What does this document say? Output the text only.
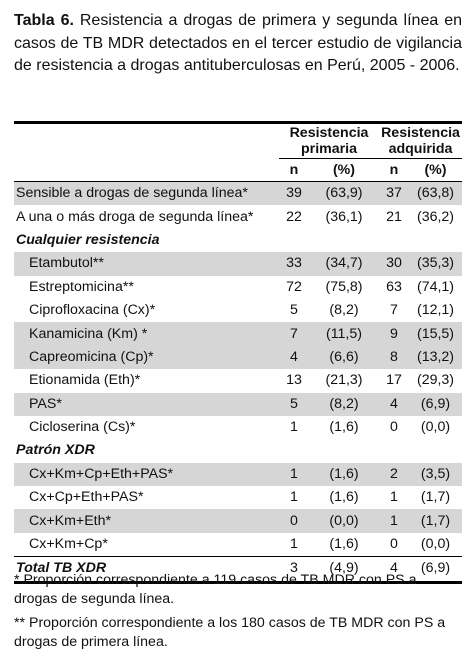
Tabla 6. Resistencia a drogas de primera y segunda línea en casos de TB MDR detectados en el tercer estudio de vigilancia de resistencia a drogas antituberculosas en Perú, 2005 - 2006.

	Resistencia primaria		Resistencia adquirida	
	n	(%)	n	(%)
Sensible a drogas de segunda línea*	39	(63,9)	37	(63,8)
A una o más droga de segunda línea*	22	(36,1)	21	(36,2)
Cualquier resistencia				
Etambutol**	33	(34,7)	30	(35,3)
Estreptomicina**	72	(75,8)	63	(74,1)
Ciprofloxacina (Cx)*	5	(8,2)	7	(12,1)
Kanamicina (Km) *	7	(11,5)	9	(15,5)
Capreomicina (Cp)*	4	(6,6)	8	(13,2)
Etionamida (Eth)*	13	(21,3)	17	(29,3)
PAS*	5	(8,2)	4	(6,9)
Cicloserina (Cs)*	1	(1,6)	0	(0,0)
Patrón XDR				
Cx+Km+Cp+Eth+PAS*	1	(1,6)	2	(3,5)
Cx+Cp+Eth+PAS*	1	(1,6)	1	(1,7)
Cx+Km+Eth*	0	(0,0)	1	(1,7)
Cx+Km+Cp*	1	(1,6)	0	(0,0)
Total TB XDR	3	(4,9)	4	(6,9)

* Proporción correspondiente a 119 casos de TB MDR con PS a drogas de segunda línea.

** Proporción correspondiente a los 180 casos de TB MDR con PS a drogas de primera línea.
